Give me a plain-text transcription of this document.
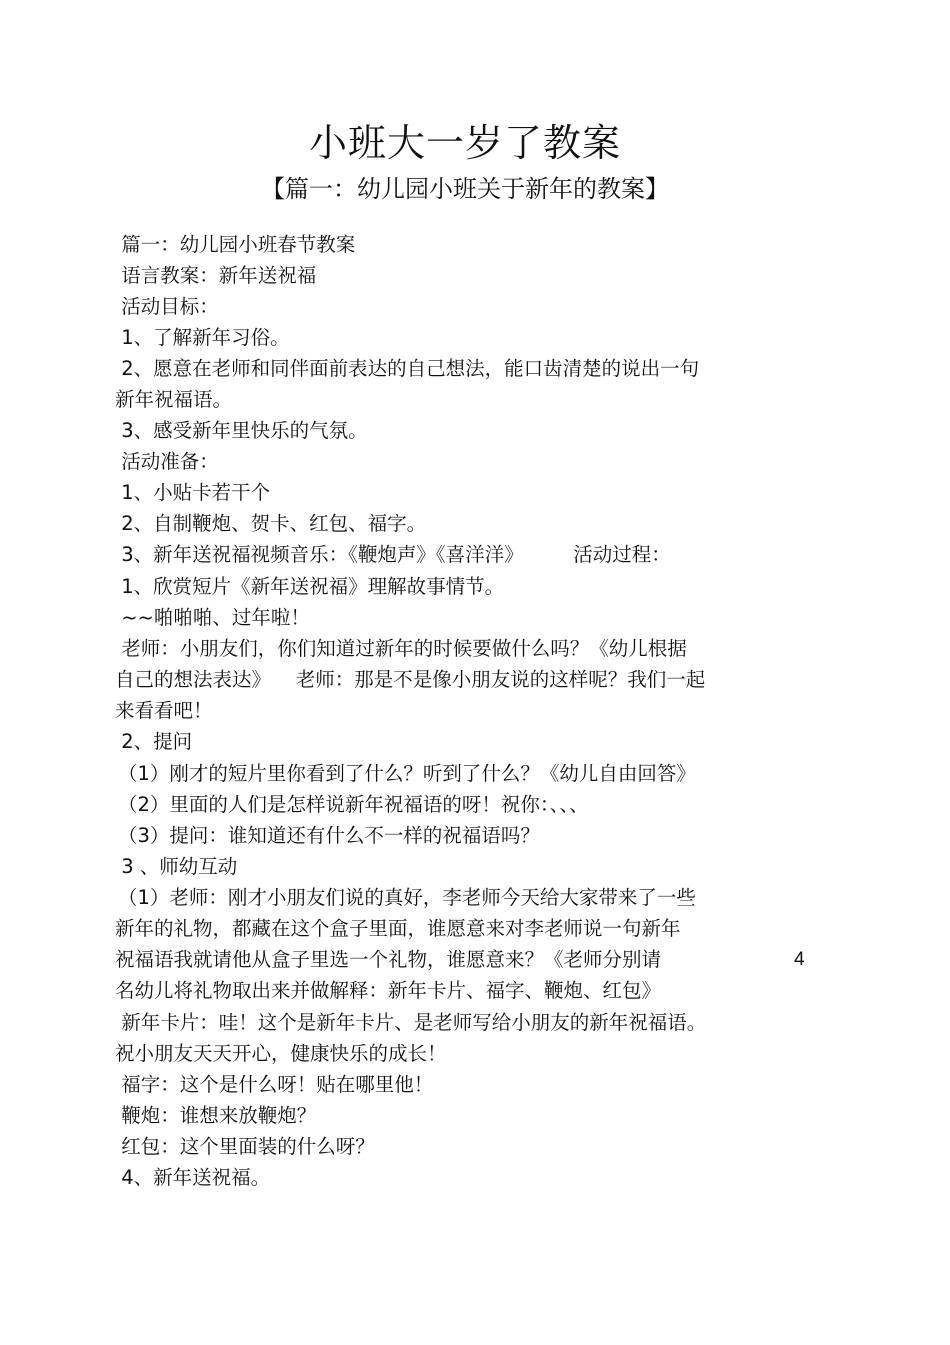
小班大一岁了教案
【篇一：幼儿园小班关于新年的教案】
篇一：幼儿园小班春节教案
语言教案：新年送祝福
活动目标：
1、了解新年习俗。
2、愿意在老师和同伴面前表达的自己想法，能口齿清楚的说出一句
新年祝福语。
3、感受新年里快乐的气氛。
活动准备：
1、小贴卡若干个
2、自制鞭炮、贺卡、红包、福字。
3、新年送祝福视频音乐：《鞭炮声》《喜洋洋》        活动过程：
1、欣赏短片《新年送祝福》理解故事情节。
~~啪啪啪、过年啦！
老师：小朋友们，你们知道过新年的时候要做什么吗？《幼儿根据
自己的想法表达》    老师：那是不是像小朋友说的这样呢？我们一起
来看看吧！
2、提问
（1）刚才的短片里你看到了什么？听到了什么？《幼儿自由回答》
（2）里面的人们是怎样说新年祝福语的呀！祝你：、、、
（3）提问：谁知道还有什么不一样的祝福语吗？
3 、师幼互动
（1）老师：刚才小朋友们说的真好，李老师今天给大家带来了一些
新年的礼物，都藏在这个盒子里面，谁愿意来对李老师说一句新年
祝福语我就请他从盒子里选一个礼物，谁愿意来？《老师分别请
名幼儿将礼物取出来并做解释：新年卡片、福字、鞭炮、红包》
新年卡片：哇！这个是新年卡片、是老师写给小朋友的新年祝福语。
祝小朋友天天开心，健康快乐的成长！
福字：这个是什么呀！贴在哪里他！
鞭炮：谁想来放鞭炮？
红包：这个里面装的什么呀？
4、新年送祝福。
4
